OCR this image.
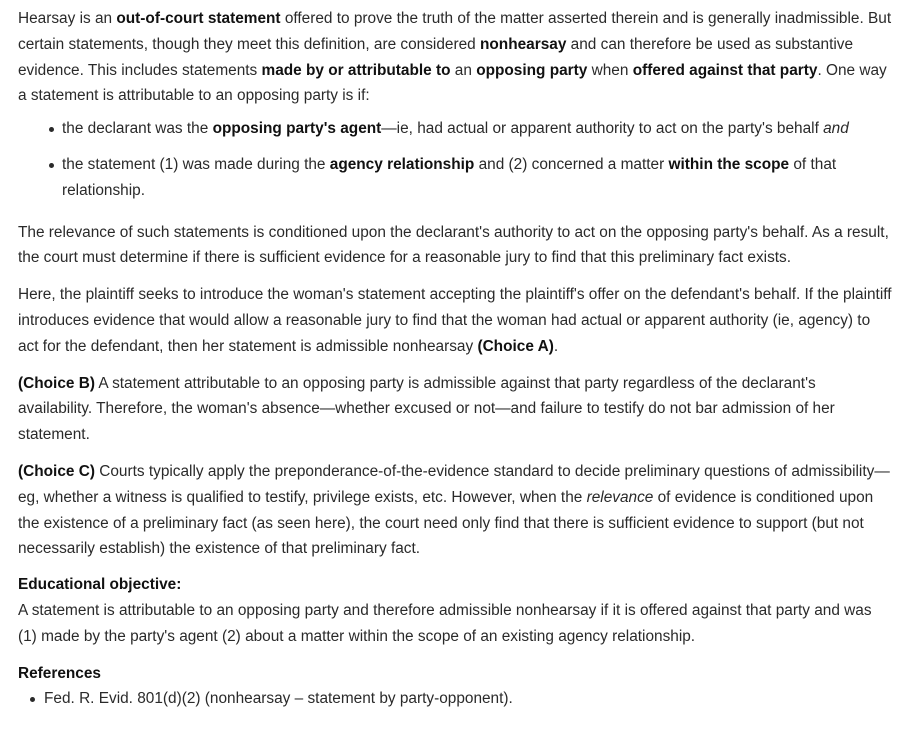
Hearsay is an out-of-court statement offered to prove the truth of the matter asserted therein and is generally inadmissible. But certain statements, though they meet this definition, are considered nonhearsay and can therefore be used as substantive evidence. This includes statements made by or attributable to an opposing party when offered against that party. One way a statement is attributable to an opposing party is if:

the declarant was the opposing party's agent—ie, had actual or apparent authority to act on the party's behalf and
the statement (1) was made during the agency relationship and (2) concerned a matter within the scope of that relationship.

The relevance of such statements is conditioned upon the declarant's authority to act on the opposing party's behalf. As a result, the court must determine if there is sufficient evidence for a reasonable jury to find that this preliminary fact exists.

Here, the plaintiff seeks to introduce the woman's statement accepting the plaintiff's offer on the defendant's behalf. If the plaintiff introduces evidence that would allow a reasonable jury to find that the woman had actual or apparent authority (ie, agency) to act for the defendant, then her statement is admissible nonhearsay (Choice A).

(Choice B) A statement attributable to an opposing party is admissible against that party regardless of the declarant's availability. Therefore, the woman's absence—whether excused or not—and failure to testify do not bar admission of her statement.

(Choice C) Courts typically apply the preponderance-of-the-evidence standard to decide preliminary questions of admissibility—eg, whether a witness is qualified to testify, privilege exists, etc. However, when the relevance of evidence is conditioned upon the existence of a preliminary fact (as seen here), the court need only find that there is sufficient evidence to support (but not necessarily establish) the existence of that preliminary fact.

Educational objective:

A statement is attributable to an opposing party and therefore admissible nonhearsay if it is offered against that party and was (1) made by the party's agent (2) about a matter within the scope of an existing agency relationship.

References

Fed. R. Evid. 801(d)(2) (nonhearsay – statement by party-opponent).
